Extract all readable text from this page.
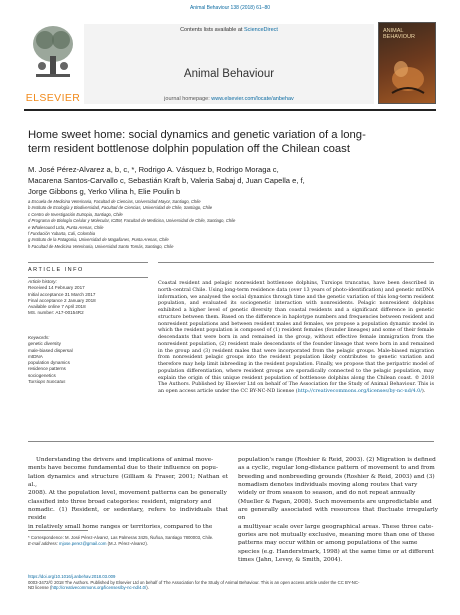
Animal Behaviour 138 (2018) 61–80
ELSEVIER
Contents lists available at ScienceDirect
Animal Behaviour
journal homepage: www.elsevier.com/locate/anbehav
ANIMAL BEHAVIOUR
Home sweet home: social dynamics and genetic variation of a long-
term resident bottlenose dolphin population off the Chilean coast
M. José Pérez-Alvarez a, b, c, *, Rodrigo A. Vásquez b, Rodrigo Moraga c,
Macarena Santos-Carvallo c, Sebastián Kraft b, Valeria Sabaj d, Juan Capella e, f,
Jorge Gibbons g, Yerko Vilina h, Elie Poulin b
a Escuela de Medicina Veterinaria, Facultad de Ciencias, Universidad Mayor, Santiago, Chile
b Instituto de Ecología y Biodiversidad, Facultad de Ciencias, Universidad de Chile, Santiago, Chile
c Centro de Investigación Eutropia, Santiago, Chile
d Programa de Biología Celular y Molecular, ICBM, Facultad de Medicina, Universidad de Chile, Santiago, Chile
e Whalesound Ltda, Punta Arenas, Chile
f Fundación Yubarta, Cali, Colombia
g Instituto de la Patagonia, Universidad de Magallanes, Punta Arenas, Chile
h Facultad de Medicina Veterinaria, Universidad Santo Tomás, Santiago, Chile
ARTICLE INFO
Article history:
Received 14 February 2017
Initial acceptance 31 March 2017
Final acceptance 2 January 2018
Available online 7 April 2018
MS. number: A17-00154R2
Keywords:
genetic diversity
male-biased dispersal
mtDNA
population dynamics
residence patterns
sociogenetics
Tursiops truncatus
Coastal resident and pelagic nonresident bottlenose dolphins, Tursiops truncatus, have been described in north-central Chile. Using long-term residence data (over 13 years of photo-identification) and genetic mtDNA information, we analysed the social dynamics through time and the genetic variation of this long-term resident population, and evaluated its sociogenetic interaction with nonresidents. Pelagic nonresident dolphins exhibited a higher level of genetic diversity than coastal residents and a significant difference in genetic structure between them. Based on the difference in haplotype numbers and frequencies between resident and nonresident populations and between resident males and females, we propose a population dynamic model in which the resident population is composed of (1) resident females (founder lineages) and some of their female descendants that were born in and remained in the group, without effective female immigration from the nonresident population, (2) resident male descendants of the founder lineage that were born in and remained in the group and (3) resident males that were incorporated from the pelagic groups. Male-biased migration from nonresident pelagic groups into the resident population likely contributes to genetic variation and therefore may help limit inbreeding in the resident population. Finally, we propose that the peripatric model of population differentiation, where resident groups are sporadically connected to the pelagic population, may explain the origin of this unique resident population of bottlenose dolphins along the Chilean coast. © 2018 The Authors. Published by Elsevier Ltd on behalf of The Association for the Study of Animal Behaviour. This is an open access article under the CC BY-NC-ND license (http://creativecommons.org/licenses/by-nc-nd/4.0/).
Understanding the drivers and implications of animal move-
ments have become fundamental due to their influence on popu-
lation dynamics and structure (Gilliam & Fraser, 2001; Nathan et al.,
2008). At the population level, movement patterns can be generally
classified into three broad categories: resident, migratory and
nomadic. (1) Resident, or sedentary, refers to individuals that reside
in relatively small home ranges or territories, compared to the
population's range (Roshier & Reid, 2003). (2) Migration is defined
as a cyclic, regular long-distance pattern of movement to and from
breeding and nonbreeding grounds (Roshier & Reid, 2003) and (3)
nomadism denotes individuals moving along routes that vary
widely or from season to season, and do not repeat annually
(Mueller & Fagan, 2008). Such movements are unpredictable and
are generally associated with resources that fluctuate irregularly on
a multiyear scale over large geographical areas. These three cate-
gories are not mutually exclusive, meaning more than one of these
patterns may occur within or among populations of the same
species (e.g. Handerstmark, 1998) at the same time or at different
times (Jahn, Levey, & Smith, 2004).
* Correspondence: M. José Pérez-Alvarez, Las Palmeras 3425, Ñuñoa, Santiago 7800003, Chile.
E-mail address: mjose.perez@gmail.com (M.J. Pérez-Alvarez).
https://doi.org/10.1016/j.anbehav.2018.03.009
0003-3472/© 2018 The Authors. Published by Elsevier Ltd on behalf of The Association for the Study of Animal Behaviour. This is an open access article under the CC BY-NC-
ND license (http://creativecommons.org/licenses/by-nc-nd/4.0/).
